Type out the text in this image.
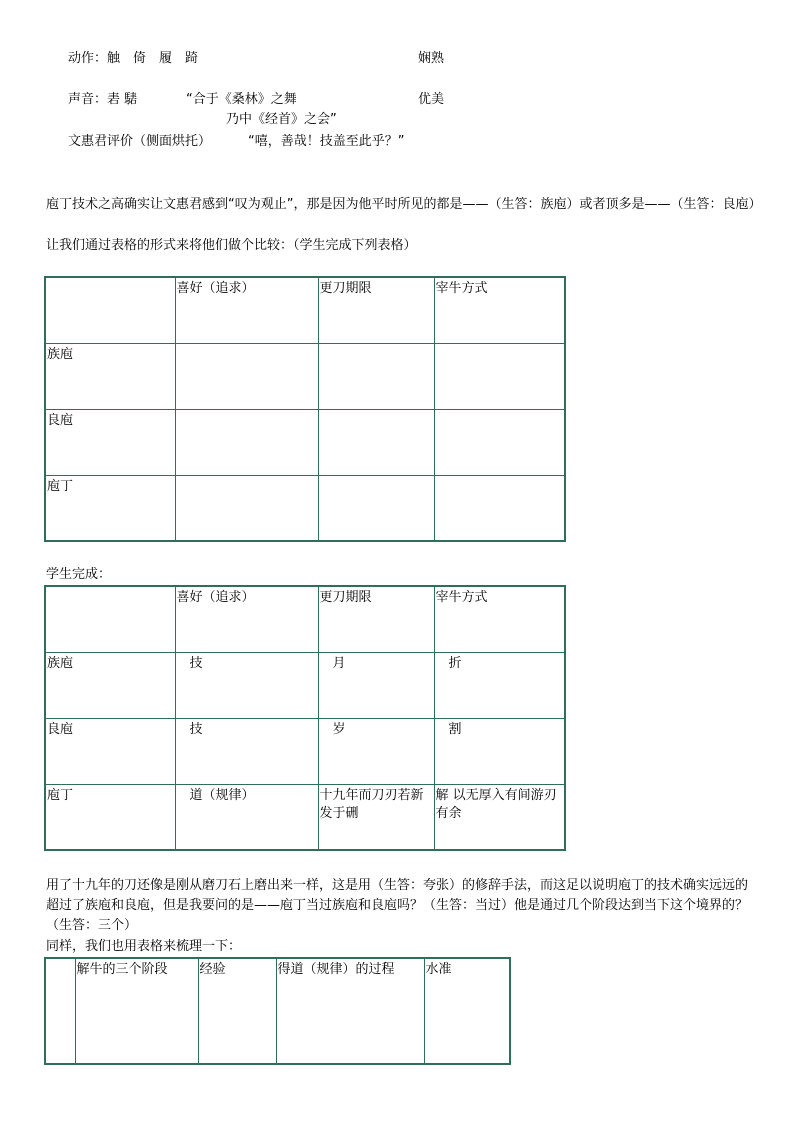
动作：触　倚　履　踦	娴熟
声音：砉 騞	“合于《桑林》之舞	优美
乃中《经首》之会”
文惠君评价（侧面烘托）	“嘻，善哉！技盖至此乎？”
庖丁技术之高确实让文惠君感到“叹为观止”，那是因为他平时所见的都是——（生答：族庖）或者顶多是——（生答：良庖）
让我们通过表格的形式来将他们做个比较：（学生完成下列表格）
	喜好（追求）	更刀期限	宰牛方式
族庖			
良庖			
庖丁			
学生完成：
	喜好（追求）	更刀期限	宰牛方式
族庖	技	月	折
良庖	技	岁	割
庖丁	道（规律）	十九年而刀刃若新发于硎	解 以无厚入有间游刃有余
用了十九年的刀还像是刚从磨刀石上磨出来一样，这是用（生答：夸张）的修辞手法，而这足以说明庖丁的技术确实远远的超过了族庖和良庖，但是我要问的是——庖丁当过族庖和良庖吗？（生答：当过）他是通过几个阶段达到当下这个境界的？（生答：三个）
同样，我们也用表格来梳理一下：
	解牛的三个阶段	经验	得道（规律）的过程	水准
